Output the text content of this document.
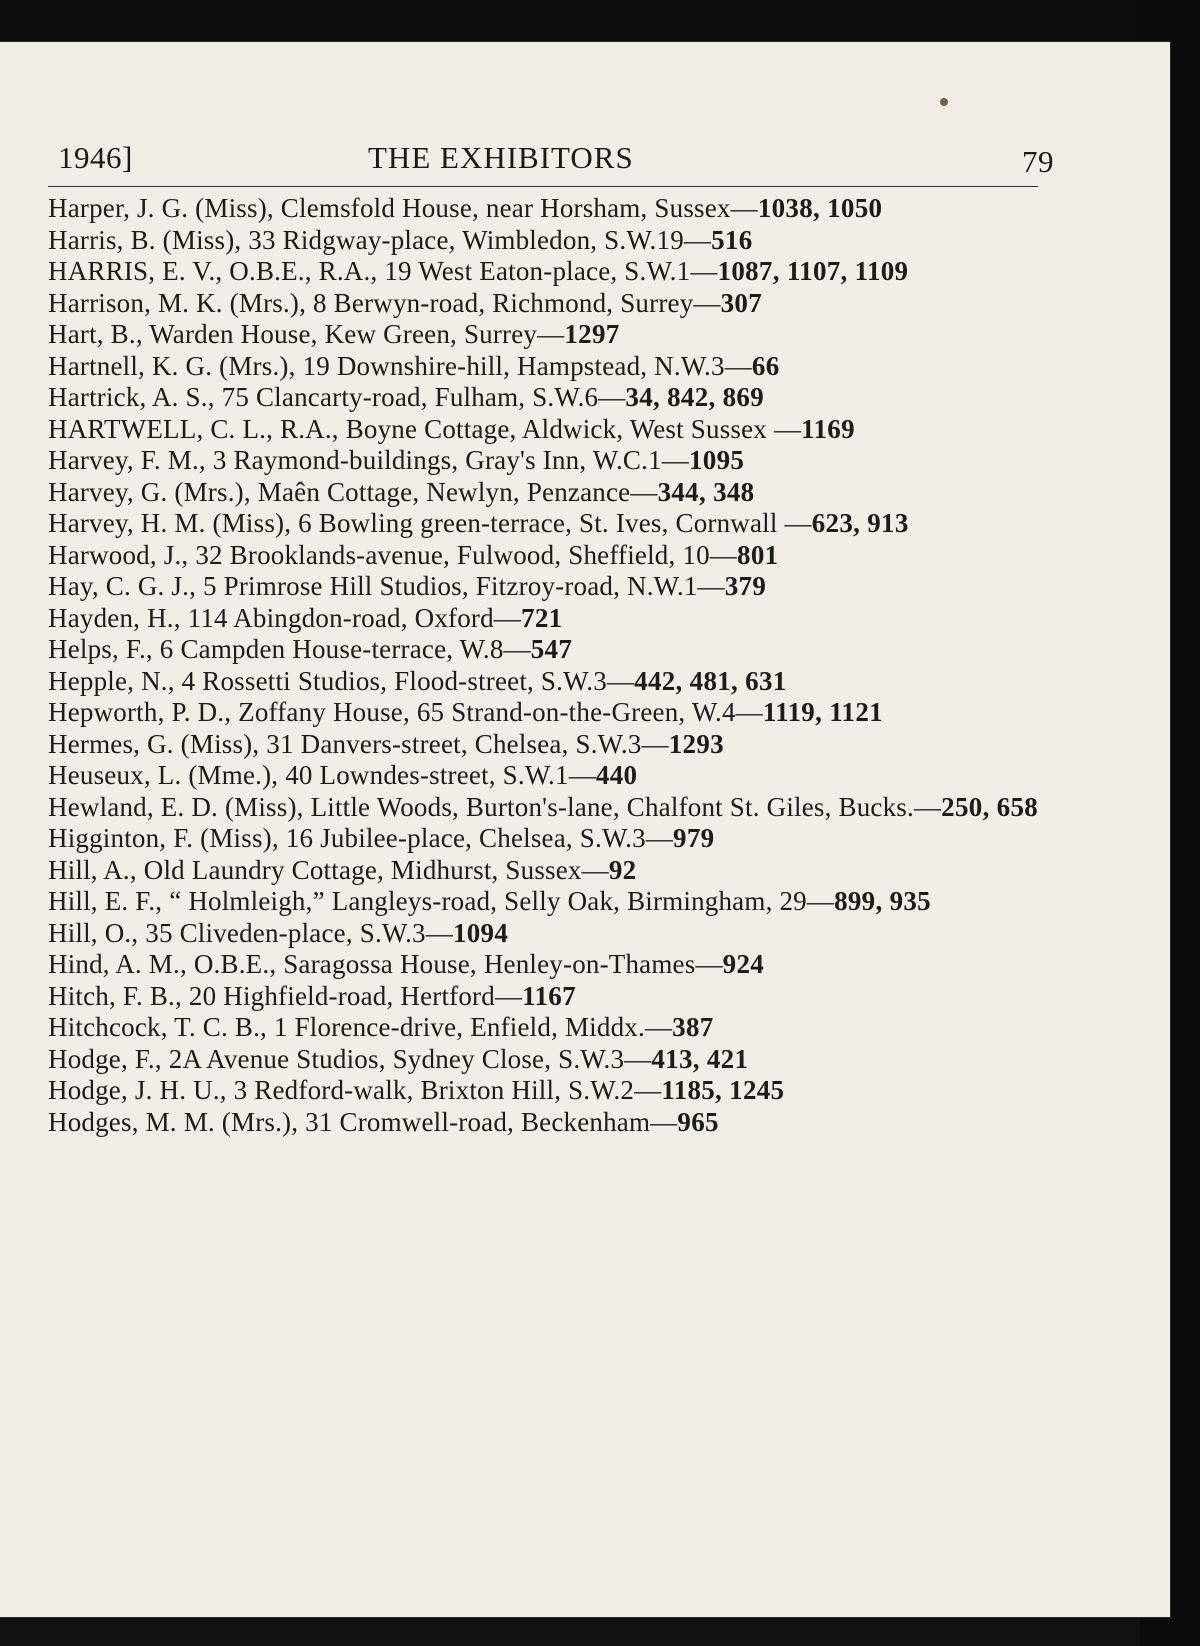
1946]	THE EXHIBITORS	79
Harper, J. G. (Miss), Clemsfold House, near Horsham, Sussex—1038, 1050
Harris, B. (Miss), 33 Ridgway-place, Wimbledon, S.W.19—516
HARRIS, E. V., O.B.E., R.A., 19 West Eaton-place, S.W.1—1087, 1107, 1109
Harrison, M. K. (Mrs.), 8 Berwyn-road, Richmond, Surrey—307
Hart, B., Warden House, Kew Green, Surrey—1297
Hartnell, K. G. (Mrs.), 19 Downshire-hill, Hampstead, N.W.3—66
Hartrick, A. S., 75 Clancarty-road, Fulham, S.W.6—34, 842, 869
HARTWELL, C. L., R.A., Boyne Cottage, Aldwick, West Sussex —1169
Harvey, F. M., 3 Raymond-buildings, Gray's Inn, W.C.1—1095
Harvey, G. (Mrs.), Maên Cottage, Newlyn, Penzance—344, 348
Harvey, H. M. (Miss), 6 Bowling green-terrace, St. Ives, Cornwall —623, 913
Harwood, J., 32 Brooklands-avenue, Fulwood, Sheffield, 10—801
Hay, C. G. J., 5 Primrose Hill Studios, Fitzroy-road, N.W.1—379
Hayden, H., 114 Abingdon-road, Oxford—721
Helps, F., 6 Campden House-terrace, W.8—547
Hepple, N., 4 Rossetti Studios, Flood-street, S.W.3—442, 481, 631
Hepworth, P. D., Zoffany House, 65 Strand-on-the-Green, W.4—1119, 1121
Hermes, G. (Miss), 31 Danvers-street, Chelsea, S.W.3—1293
Heuseux, L. (Mme.), 40 Lowndes-street, S.W.1—440
Hewland, E. D. (Miss), Little Woods, Burton's-lane, Chalfont St. Giles, Bucks.—250, 658
Higginton, F. (Miss), 16 Jubilee-place, Chelsea, S.W.3—979
Hill, A., Old Laundry Cottage, Midhurst, Sussex—92
Hill, E. F., “ Holmleigh,” Langleys-road, Selly Oak, Birmingham, 29—899, 935
Hill, O., 35 Cliveden-place, S.W.3—1094
Hind, A. M., O.B.E., Saragossa House, Henley-on-Thames—924
Hitch, F. B., 20 Highfield-road, Hertford—1167
Hitchcock, T. C. B., 1 Florence-drive, Enfield, Middx.—387
Hodge, F., 2A Avenue Studios, Sydney Close, S.W.3—413, 421
Hodge, J. H. U., 3 Redford-walk, Brixton Hill, S.W.2—1185, 1245
Hodges, M. M. (Mrs.), 31 Cromwell-road, Beckenham—965
